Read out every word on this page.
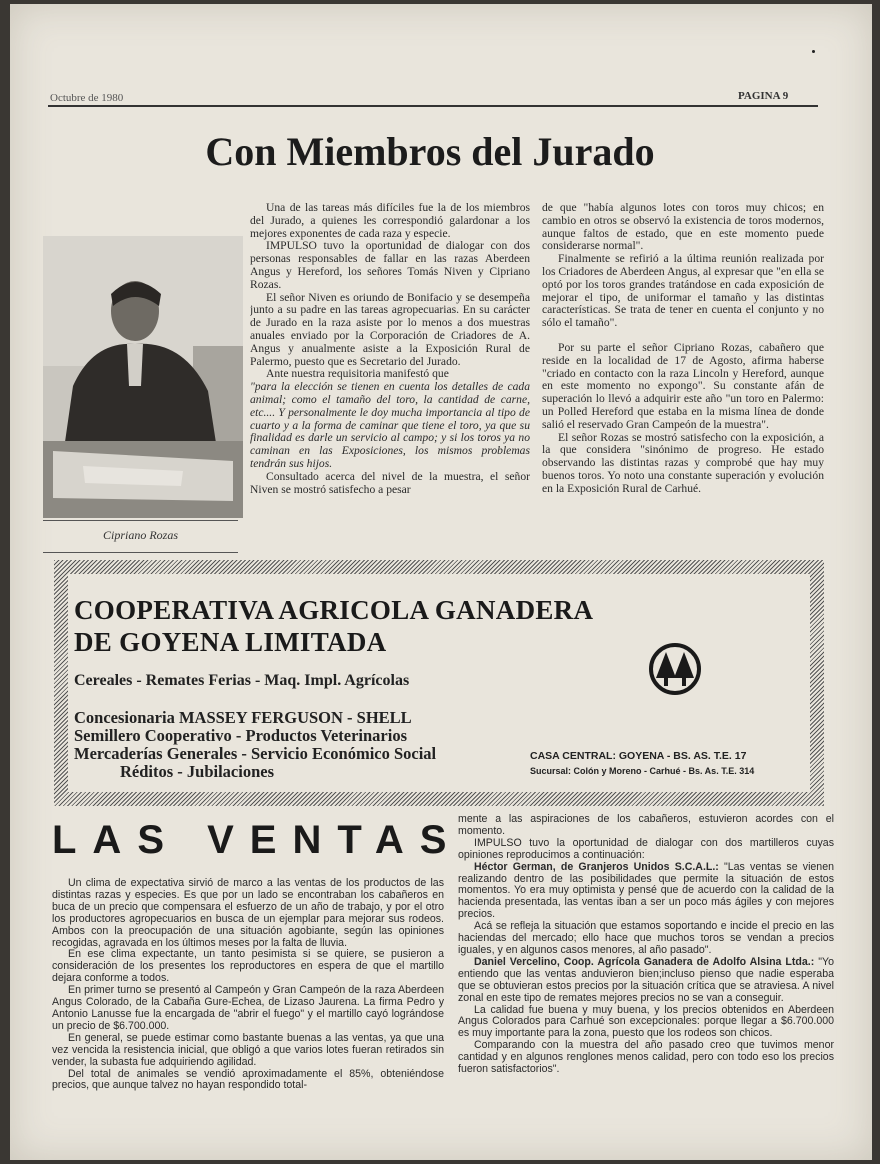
Octubre de 1980	PAGINA 9
Con Miembros del Jurado
Cipriano Rozas

Una de las tareas más difíciles fue la de los miembros del Jurado, a quienes les correspondió galardonar a los mejores exponentes de cada raza y especie.

IMPULSO tuvo la oportunidad de dialogar con dos personas responsables de fallar en las razas Aberdeen Angus y Hereford, los señores Tomás Niven y Cipriano Rozas.

El señor Niven es oriundo de Bonifacio y se desempeña junto a su padre en las tareas agropecuarias. En su carácter de Jurado en la raza asiste por lo menos a dos muestras anuales enviado por la Corporación de Criadores de A. Angus y anualmente asiste a la Exposición Rural de Palermo, puesto que es Secretario del Jurado.

Ante nuestra requisitoria manifestó que

"para la elección se tienen en cuenta los detalles de cada animal; como el tamaño del toro, la cantidad de carne, etc.... Y personalmente le doy mucha importancia al tipo de cuarto y a la forma de caminar que tiene el toro, ya que su finalidad es darle un servicio al campo; y si los toros ya no caminan en las Exposiciones, los mismos problemas tendrán sus hijos.

Consultado acerca del nivel de la muestra, el señor Niven se mostró satisfecho a pesar

de que "había algunos lotes con toros muy chicos; en cambio en otros se observó la existencia de toros modernos, aunque faltos de estado, que en este momento puede considerarse normal".

Finalmente se refirió a la última reunión realizada por los Criadores de Aberdeen Angus, al expresar que "en ella se optó por los toros grandes tratándose en cada exposición de mejorar el tipo, de uniformar el tamaño y las distintas características. Se trata de tener en cuenta el conjunto y no sólo el tamaño".

Por su parte el señor Cipriano Rozas, cabañero que reside en la localidad de 17 de Agosto, afirma haberse "criado en contacto con la raza Lincoln y Hereford, aunque en este momento no expongo". Su constante afán de superación lo llevó a adquirir este año "un toro en Palermo: un Polled Hereford que estaba en la misma línea de donde salió el reservado Gran Campeón de la muestra".

El señor Rozas se mostró satisfecho con la exposición, a la que considera "sinónimo de progreso. He estado observando las distintas razas y comprobé que hay muy buenos toros. Yo noto una constante superación y evolución en la Exposición Rural de Carhué.

COOPERATIVA AGRICOLA GANADERA
DE GOYENA LIMITADA
Cereales - Remates Ferias - Maq. Impl. Agrícolas
Concesionaria MASSEY FERGUSON - SHELL
Semillero Cooperativo - Productos Veterinarios
Mercaderías Generales - Servicio Económico Social
Réditos - Jubilaciones
CASA CENTRAL: GOYENA - BS. AS. T.E. 17
Sucursal: Colón y Moreno - Carhué - Bs. As. T.E. 314
LAS VENTAS

Un clima de expectativa sirvió de marco a las ventas de los productos de las distintas razas y especies. Es que por un lado se encontraban los cabañeros en buca de un precio que compensara el esfuerzo de un año de trabajo, y por el otro los productores agropecuarios en busca de un ejemplar para mejorar sus rodeos. Ambos con la preocupación de una situación agobiante, según las opiniones recogidas, agravada en los últimos meses por la falta de lluvia.

En ese clima expectante, un tanto pesimista si se quiere, se pusieron a consideración de los presentes los reproductores en espera de que el martillo dejara conforme a todos.

En primer turno se presentó al Campeón y Gran Campeón de la raza Aberdeen Angus Colorado, de la Cabaña Gure-Echea, de Lizaso Jaurena. La firma Pedro y Antonio Lanusse fue la encargada de "abrir el fuego" y el martillo cayó lográndose un precio de $6.700.000.

En general, se puede estimar como bastante buenas a las ventas, ya que una vez vencida la resistencia inicial, que obligó a que varios lotes fueran retirados sin vender, la subasta fue adquiriendo agilidad.

Del total de animales se vendió aproximadamente el 85%, obteniéndose precios, que aunque talvez no hayan respondido total-

mente a las aspiraciones de los cabañeros, estuvieron acordes con el momento.

IMPULSO tuvo la oportunidad de dialogar con dos martilleros cuyas opiniones reproducimos a continuación:

Héctor German, de Granjeros Unidos S.C.A.L.: "Las ventas se vienen realizando dentro de las posibilidades que permite la situación de estos momentos. Yo era muy optimista y pensé que de acuerdo con la calidad de la hacienda presentada, las ventas iban a ser un poco más ágiles y con mejores precios.

Acá se refleja la situación que estamos soportando e incide el precio en las haciendas del mercado; ello hace que muchos toros se vendan a precios iguales, y en algunos casos menores, al año pasado".

Daniel Vercelino, Coop. Agrícola Ganadera de Adolfo Alsina Ltda.: "Yo entiendo que las ventas anduvieron bien;incluso pienso que nadie esperaba que se obtuvieran estos precios por la situación crítica que se atraviesa. A nivel zonal en este tipo de remates mejores precios no se van a conseguir.

La calidad fue buena y muy buena, y los precios obtenidos en Aberdeen Angus Colorados para Carhué son excepcionales: porque llegar a $6.700.000 es muy importante para la zona, puesto que los rodeos son chicos.

Comparando con la muestra del año pasado creo que tuvimos menor cantidad y en algunos renglones menos calidad, pero con todo eso los precios fueron satisfactorios".
